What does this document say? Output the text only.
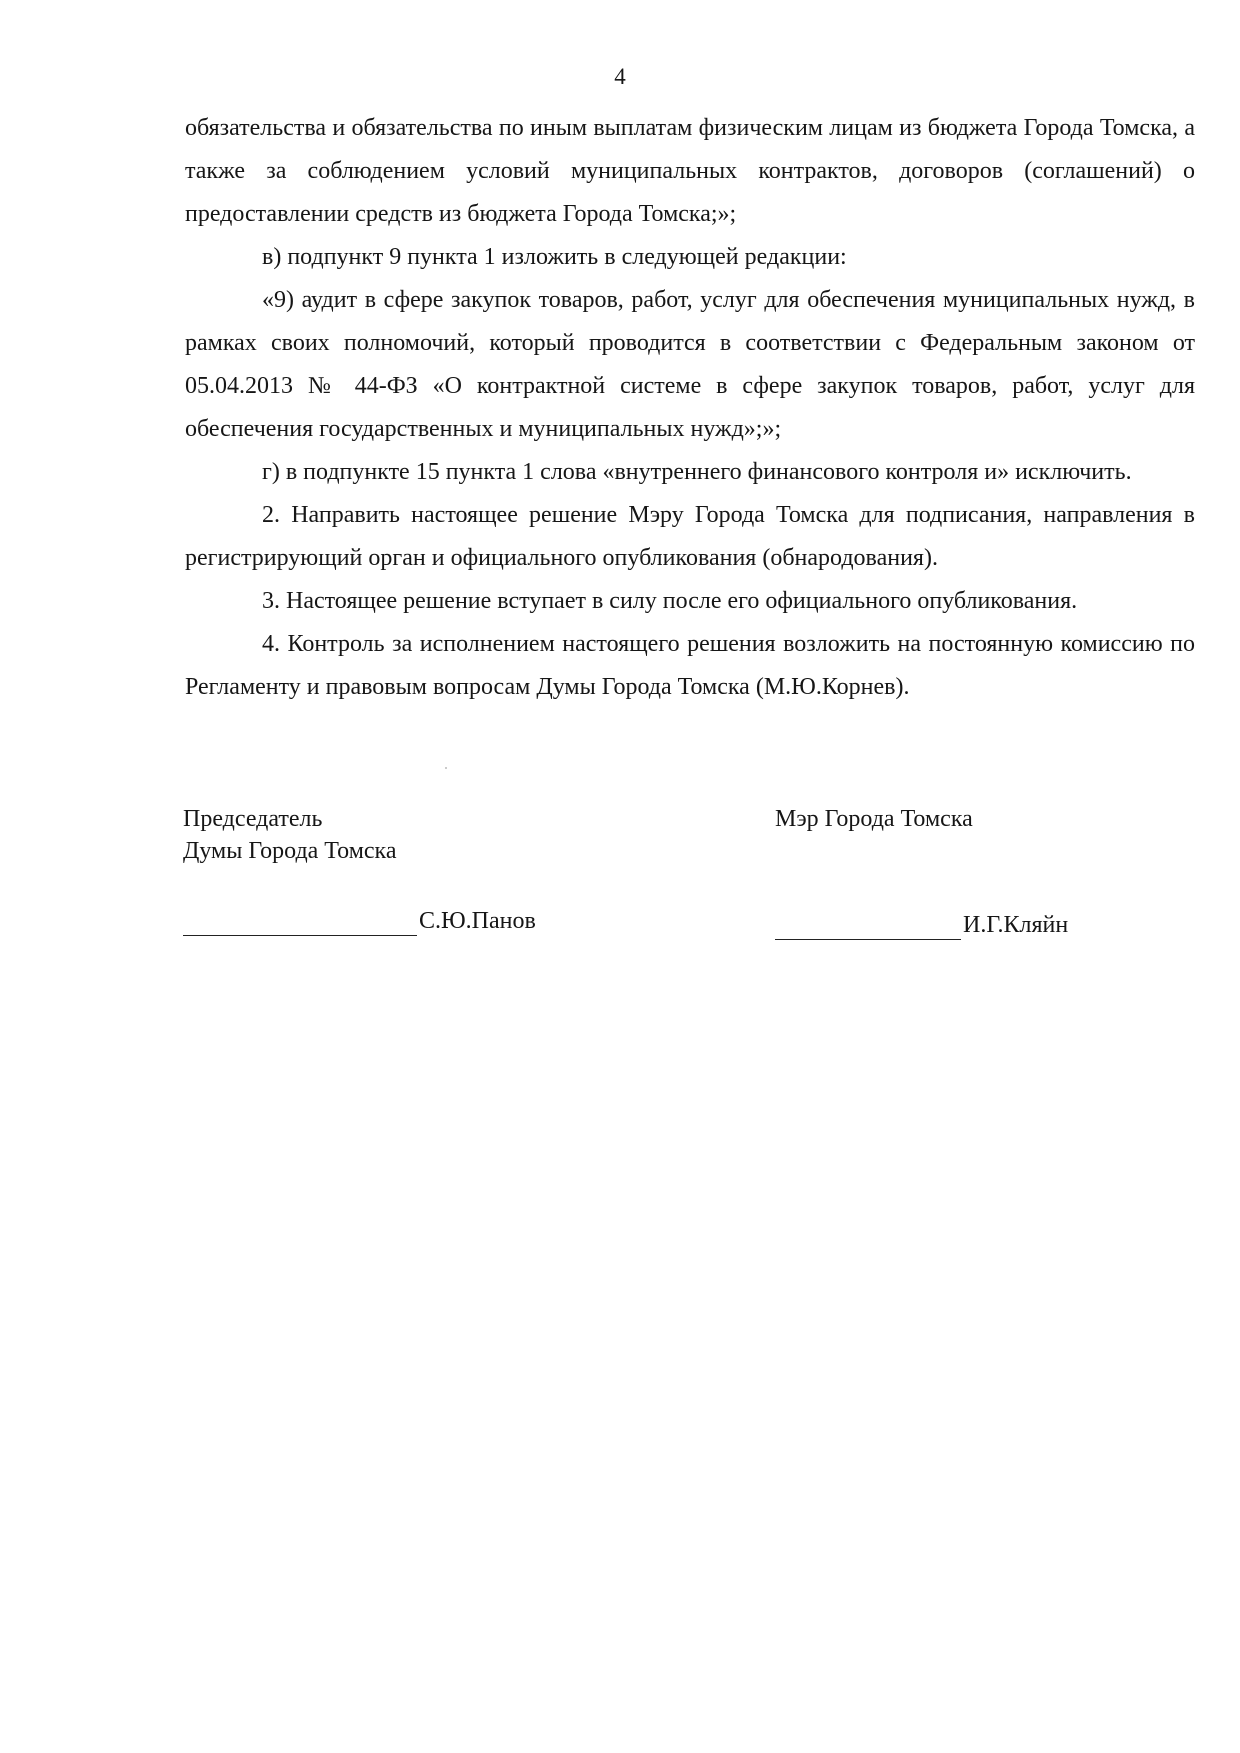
4

обязательства и обязательства по иным выплатам физическим лицам из бюджета Города Томска, а также за соблюдением условий муниципальных контрактов, договоров (соглашений) о предоставлении средств из бюджета Города Томска;»;

в) подпункт 9 пункта 1 изложить в следующей редакции:

«9) аудит в сфере закупок товаров, работ, услуг для обеспечения муниципальных нужд, в рамках своих полномочий, который проводится в соответствии с Федеральным законом от 05.04.2013 № 44-ФЗ «О контрактной системе в сфере закупок товаров, работ, услуг для обеспечения государственных и муниципальных нужд»;»;

г) в подпункте 15 пункта 1 слова «внутреннего финансового контроля и» исключить.

2. Направить настоящее решение Мэру Города Томска для подписания, направления в регистрирующий орган и официального опубликования (обнародования).

3. Настоящее решение вступает в силу после его официального опубликования.

4. Контроль за исполнением настоящего решения возложить на постоянную комиссию по Регламенту и правовым вопросам Думы Города Томска (М.Ю.Корнев).

Председатель
Думы Города Томска
Мэр Города Томска
С.Ю.Панов	И.Г.Кляйн
